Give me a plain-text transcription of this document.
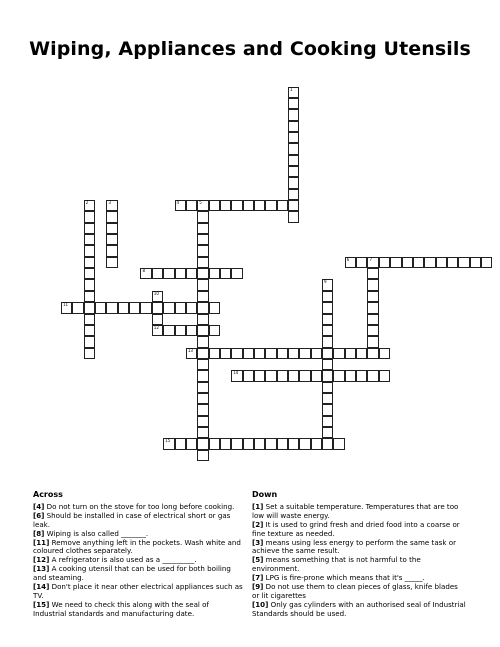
Wiping, Appliances and Cooking Utensils
1
2	3	4	5
6	7
8
9
10
12
11
13
14
15
Across

[4] Do not turn on the stove for too long before cooking.

[6] Should be installed in case of electrical short or gas leak.

[8] Wiping is also called _______.

[11] Remove anything left in the pockets. Wash white and coloured clothes separately.

[12] A refrigerator is also used as a _________.

[13] A cooking utensil that can be used for both boiling and steaming.

[14] Don't place it near other electrical appliances such as TV.

[15] We need to check this along with the seal of Industrial standards and manufacturing date.

Down

[1] Set a suitable temperature. Temperatures that are too low will waste energy.

[2] It is used to grind fresh and dried food into a coarse or fine texture as needed.

[3] means using less energy to perform the same task or achieve the same result.

[5] means something that is not harmful to the environment.

[7] LPG is fire-prone which means that it's _____.

[9] Do not use them to clean pieces of glass, knife blades or lit cigarettes

[10] Only gas cylinders with an authorised seal of Industrial Standards should be used.
